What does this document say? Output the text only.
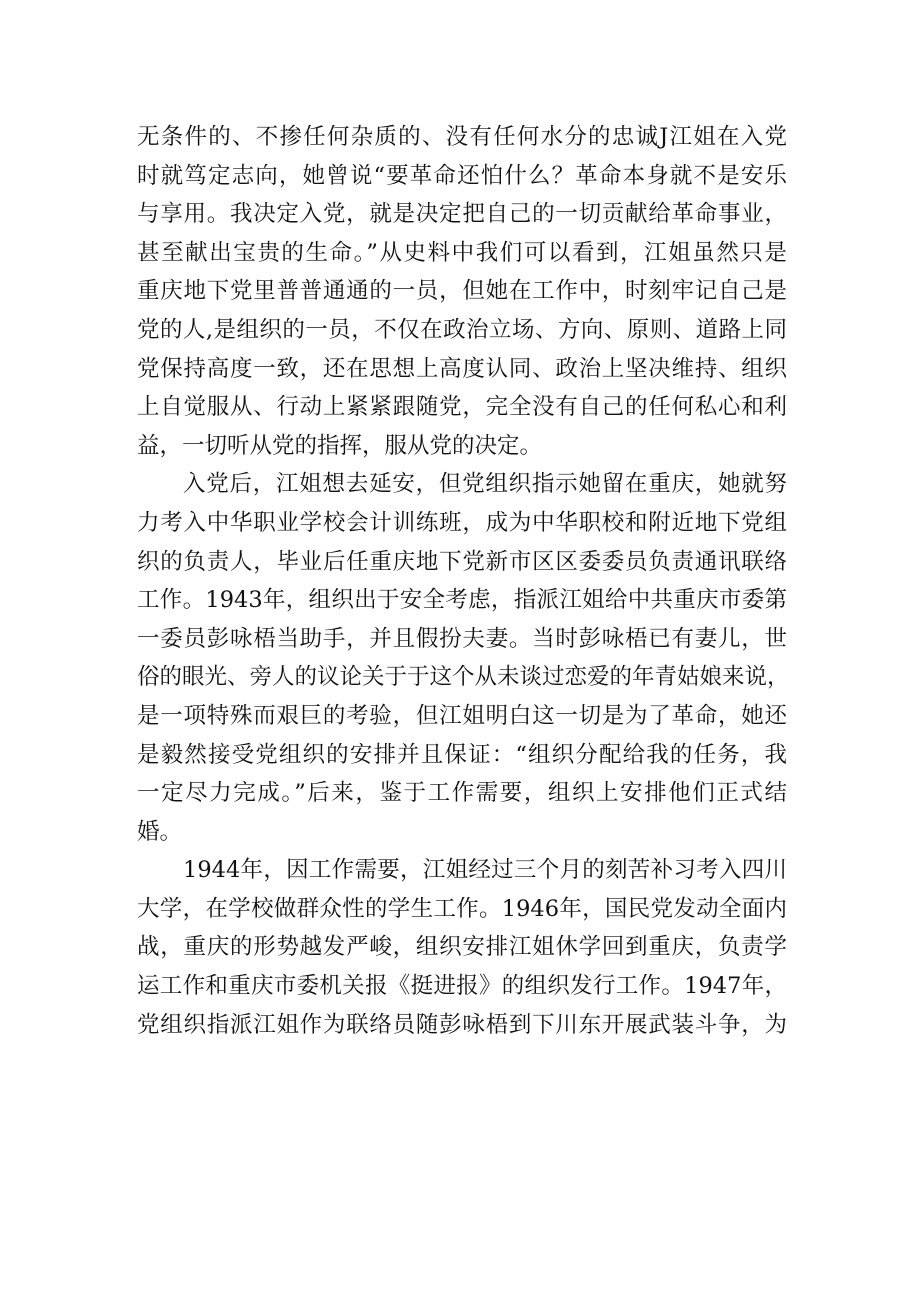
无条件的、不掺任何杂质的、没有任何水分的忠诚J江姐在入党
时就笃定志向，她曾说“要革命还怕什么？革命本身就不是安乐
与享用。我决定入党，就是决定把自己的一切贡献给革命事业，
甚至献出宝贵的生命。”从史料中我们可以看到，江姐虽然只是
重庆地下党里普普通通的一员，但她在工作中，时刻牢记自己是
党的人,是组织的一员，不仅在政治立场、方向、原则、道路上同
党保持高度一致，还在思想上高度认同、政治上坚决维持、组织
上自觉服从、行动上紧紧跟随党，完全没有自己的任何私心和利
益，一切听从党的指挥，服从党的决定。
入党后，江姐想去延安，但党组织指示她留在重庆，她就努
力考入中华职业学校会计训练班，成为中华职校和附近地下党组
织的负责人，毕业后任重庆地下党新市区区委委员负责通讯联络
工作。1943年，组织出于安全考虑，指派江姐给中共重庆市委第
一委员彭咏梧当助手，并且假扮夫妻。当时彭咏梧已有妻儿，世
俗的眼光、旁人的议论关于于这个从未谈过恋爱的年青姑娘来说，
是一项特殊而艰巨的考验，但江姐明白这一切是为了革命，她还
是毅然接受党组织的安排并且保证：“组织分配给我的任务，我
一定尽力完成。”后来，鉴于工作需要，组织上安排他们正式结
婚。
1944年，因工作需要，江姐经过三个月的刻苦补习考入四川
大学，在学校做群众性的学生工作。1946年，国民党发动全面内
战，重庆的形势越发严峻，组织安排江姐休学回到重庆，负责学
运工作和重庆市委机关报《挺进报》的组织发行工作。1947年，
党组织指派江姐作为联络员随彭咏梧到下川东开展武装斗争，为
